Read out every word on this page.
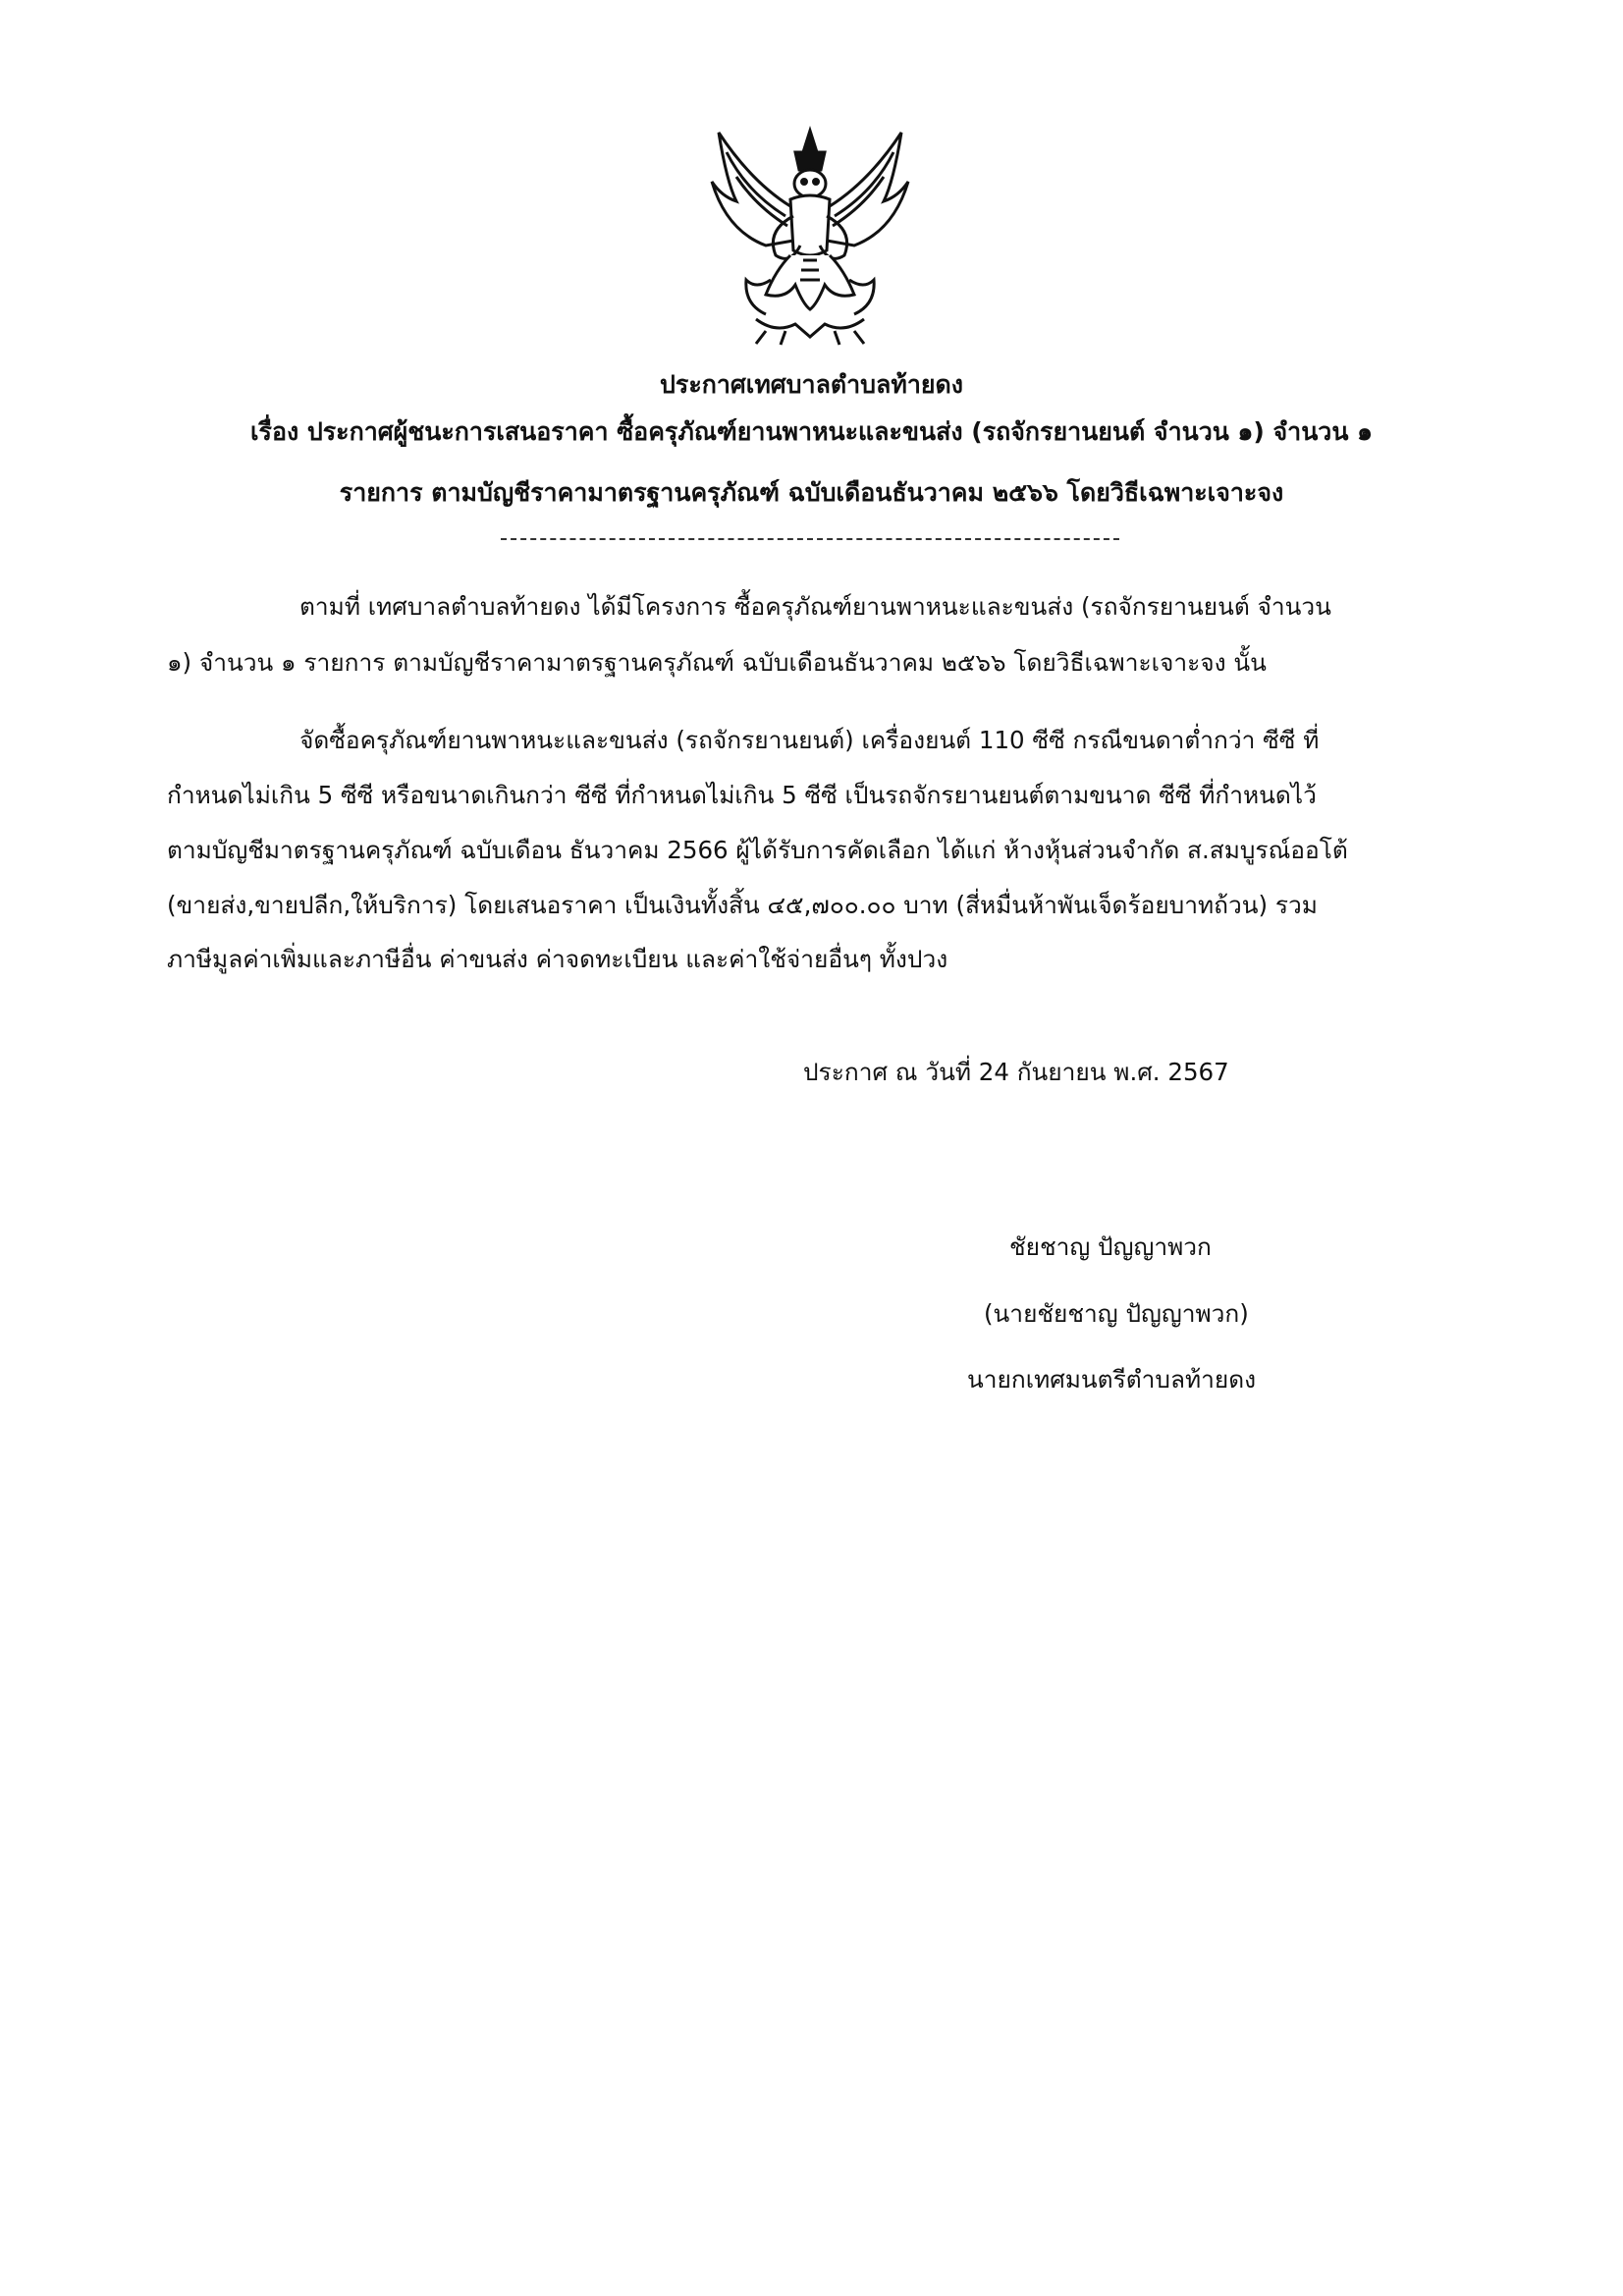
ประกาศเทศบาลตำบลท้ายดง
เรื่อง ประกาศผู้ชนะการเสนอราคา ซื้อครุภัณฑ์ยานพาหนะและขนส่ง (รถจักรยานยนต์ จำนวน ๑) จำนวน ๑
รายการ ตามบัญชีราคามาตรฐานครุภัณฑ์ ฉบับเดือนธันวาคม ๒๕๖๖ โดยวิธีเฉพาะเจาะจง
ตามที่ เทศบาลตำบลท้ายดง ได้มีโครงการ ซื้อครุภัณฑ์ยานพาหนะและขนส่ง (รถจักรยานยนต์ จำนวน
๑) จำนวน ๑ รายการ ตามบัญชีราคามาตรฐานครุภัณฑ์ ฉบับเดือนธันวาคม ๒๕๖๖ โดยวิธีเฉพาะเจาะจง นั้น
จัดซื้อครุภัณฑ์ยานพาหนะและขนส่ง (รถจักรยานยนต์) เครื่องยนต์ 110 ซีซี กรณีขนดาต่ำกว่า ซีซี ที่
กำหนดไม่เกิน 5 ซีซี หรือขนาดเกินกว่า ซีซี ที่กำหนดไม่เกิน 5 ซีซี เป็นรถจักรยานยนต์ตามขนาด ซีซี ที่กำหนดไว้
ตามบัญชีมาตรฐานครุภัณฑ์ ฉบับเดือน ธันวาคม 2566 ผู้ได้รับการคัดเลือก ได้แก่ ห้างหุ้นส่วนจำกัด ส.สมบูรณ์ออโต้
(ขายส่ง,ขายปลีก,ให้บริการ) โดยเสนอราคา เป็นเงินทั้งสิ้น ๔๕,๗๐๐.๐๐ บาท (สี่หมื่นห้าพันเจ็ดร้อยบาทถ้วน) รวม
ภาษีมูลค่าเพิ่มและภาษีอื่น ค่าขนส่ง ค่าจดทะเบียน และค่าใช้จ่ายอื่นๆ ทั้งปวง
ประกาศ ณ วันที่ 24 กันยายน พ.ศ. 2567
ชัยชาญ ปัญญาพวก
(นายชัยชาญ ปัญญาพวก)
นายกเทศมนตรีตำบลท้ายดง
